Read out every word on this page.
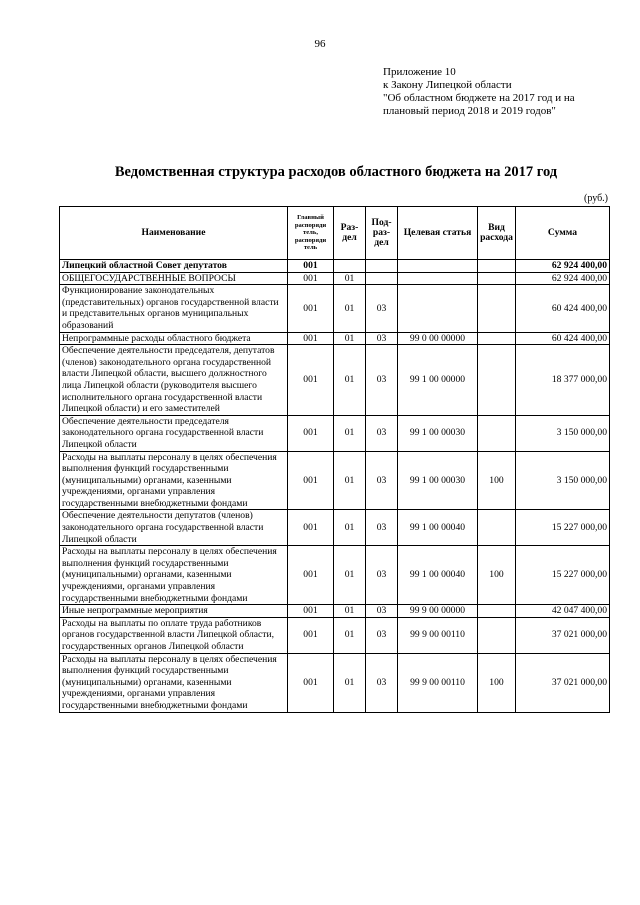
96
Приложение 10
к Закону Липецкой области
"Об областном бюджете на 2017 год и на
плановый период 2018 и 2019 годов"
Ведомственная структура расходов областного бюджета на 2017 год
(руб.)
Наименование	Главный распоряди тель, распоряди тель	Раз- дел	Под- раз- дел	Целевая статья	Вид расхода	Сумма
Липецкий областной Совет депутатов	001					62 924 400,00
ОБЩЕГОСУДАРСТВЕННЫЕ ВОПРОСЫ	001	01				62 924 400,00
Функционирование законодательных (представительных) органов государственной власти и представительных органов муниципальных образований	001	01	03			60 424 400,00
Непрограммные расходы областного бюджета	001	01	03	99 0 00 00000		60 424 400,00
Обеспечение деятельности председателя, депутатов (членов) законодательного органа государственной власти Липецкой области, высшего должностного лица Липецкой области (руководителя высшего исполнительного органа государственной власти Липецкой области) и его заместителей	001	01	03	99 1 00 00000		18 377 000,00
Обеспечение деятельности председателя законодательного органа государственной власти Липецкой области	001	01	03	99 1 00 00030		3 150 000,00
Расходы на выплаты персоналу в целях обеспечения выполнения функций государственными (муниципальными) органами, казенными учреждениями, органами управления государственными внебюджетными фондами	001	01	03	99 1 00 00030	100	3 150 000,00
Обеспечение деятельности депутатов (членов) законодательного органа государственной власти Липецкой области	001	01	03	99 1 00 00040		15 227 000,00
Расходы на выплаты персоналу в целях обеспечения выполнения функций государственными (муниципальными) органами, казенными учреждениями, органами управления государственными внебюджетными фондами	001	01	03	99 1 00 00040	100	15 227 000,00
Иные непрограммные мероприятия	001	01	03	99 9 00 00000		42 047 400,00
Расходы на выплаты по оплате труда работников органов государственной власти Липецкой области, государственных органов Липецкой области	001	01	03	99 9 00 00110		37 021 000,00
Расходы на выплаты персоналу в целях обеспечения выполнения функций государственными (муниципальными) органами, казенными учреждениями, органами управления государственными внебюджетными фондами	001	01	03	99 9 00 00110	100	37 021 000,00
